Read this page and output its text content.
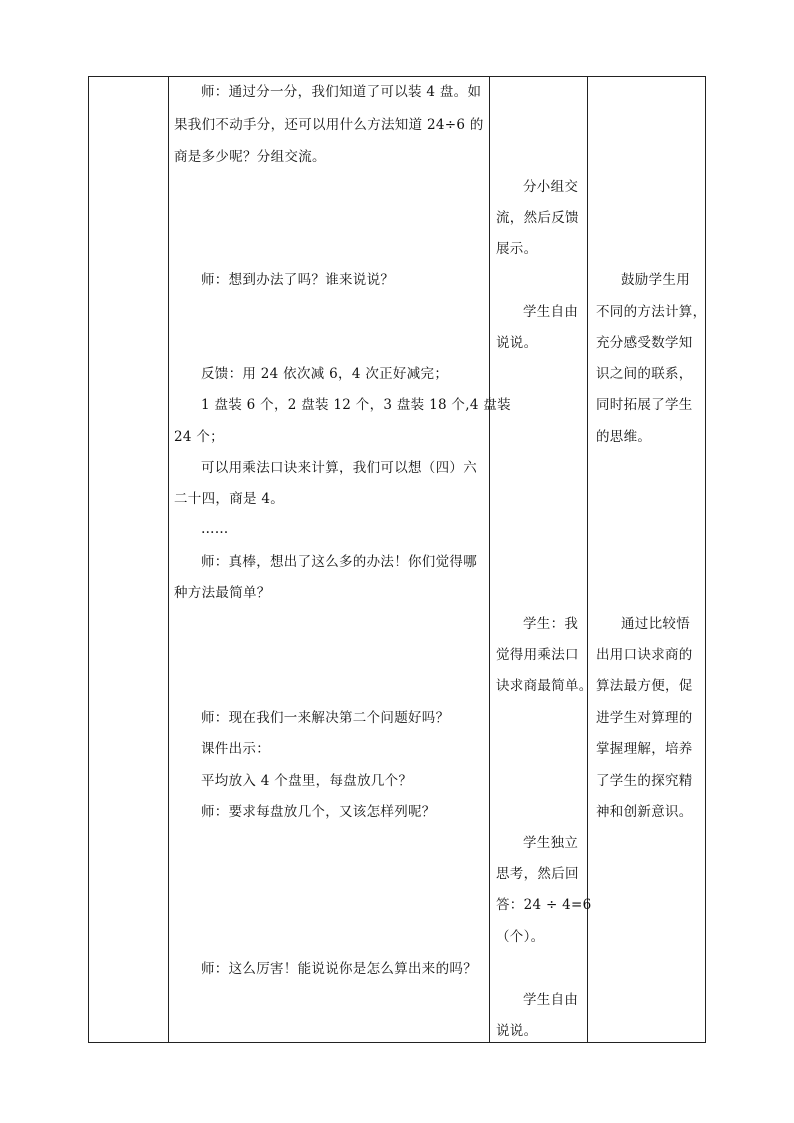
师：通过分一分，我们知道了可以装 4 盘。如
果我们不动手分，还可以用什么方法知道 24÷6 的
商是多少呢？分组交流。
师：想到办法了吗？谁来说说？
反馈：用 24 依次减 6，4 次正好减完；
1 盘装 6 个，2 盘装 12 个，3 盘装 18 个,4 盘装
24 个；
可以用乘法口诀来计算，我们可以想（四）六
二十四，商是 4。
……
师：真棒，想出了这么多的办法！你们觉得哪
种方法最简单？
师：现在我们一来解决第二个问题好吗？
课件出示：
平均放入 4 个盘里，每盘放几个？
师：要求每盘放几个，又该怎样列呢？
师：这么厉害！能说说你是怎么算出来的吗？
分小组交
流，然后反馈
展示。
学生自由
说说。
学生：我
觉得用乘法口
诀求商最简单。
学生独立
思考，然后回
答：24 ÷ 4=6
（个）。
学生自由
说说。
鼓励学生用
不同的方法计算，
充分感受数学知
识之间的联系，
同时拓展了学生
的思维。
通过比较悟
出用口诀求商的
算法最方便，促
进学生对算理的
掌握理解，培养
了学生的探究精
神和创新意识。
